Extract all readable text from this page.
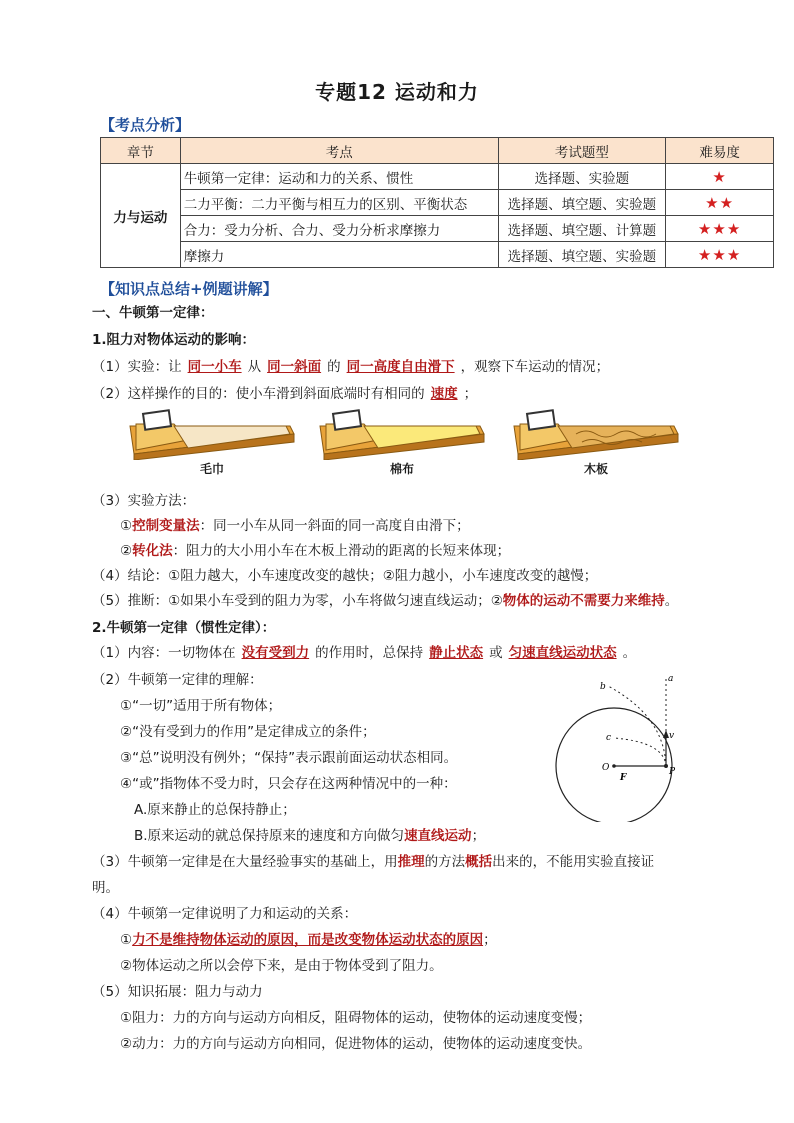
专题12 运动和力
【考点分析】
章节	考点	考试题型	难易度
力与运动	牛顿第一定律：运动和力的关系、惯性	选择题、实验题	★
	二力平衡：二力平衡与相互力的区别、平衡状态	选择题、填空题、实验题	★★
	合力：受力分析、合力、受力分析求摩擦力	选择题、填空题、计算题	★★★
	摩擦力	选择题、填空题、实验题	★★★
【知识点总结+例题讲解】
一、牛顿第一定律：
1.阻力对物体运动的影响：
（1）实验：让 同一小车 从 同一斜面 的 同一高度自由滑下 ，观察下车运动的情况；
（2）这样操作的目的：使小车滑到斜面底端时有相同的 速度 ；
毛巾	棉布	木板
（3）实验方法：
①控制变量法：同一小车从同一斜面的同一高度自由滑下；
②转化法：阻力的大小用小车在木板上滑动的距离的长短来体现；
（4）结论：①阻力越大，小车速度改变的越快；②阻力越小，小车速度改变的越慢；
（5）推断：①如果小车受到的阻力为零，小车将做匀速直线运动；②物体的运动不需要力来维持。
2.牛顿第一定律（惯性定律）：
（1）内容：一切物体在 没有受到力 的作用时，总保持 静止状态 或 匀速直线运动状态 。
（2）牛顿第一定律的理解：
①“一切”适用于所有物体；
②“没有受到力的作用”是定律成立的条件；
③“总”说明没有例外；“保持”表示跟前面运动状态相同。
④“或”指物体不受力时，只会存在这两种情况中的一种：
A.原来静止的总保持静止；
B.原来运动的就总保持原来的速度和方向做匀速直线运动；
（3）牛顿第一定律是在大量经验事实的基础上，用推理的方法概括出来的，不能用实验直接证
明。
（4）牛顿第一定律说明了力和运动的关系：
①力不是维持物体运动的原因，而是改变物体运动状态的原因；
②物体运动之所以会停下来，是由于物体受到了阻力。
（5）知识拓展：阻力与动力
①阻力：力的方向与运动方向相反，阻碍物体的运动，使物体的运动速度变慢；
②动力：力的方向与运动方向相同，促进物体的运动，使物体的运动速度变快。
b
a
c	v
O
F
P
